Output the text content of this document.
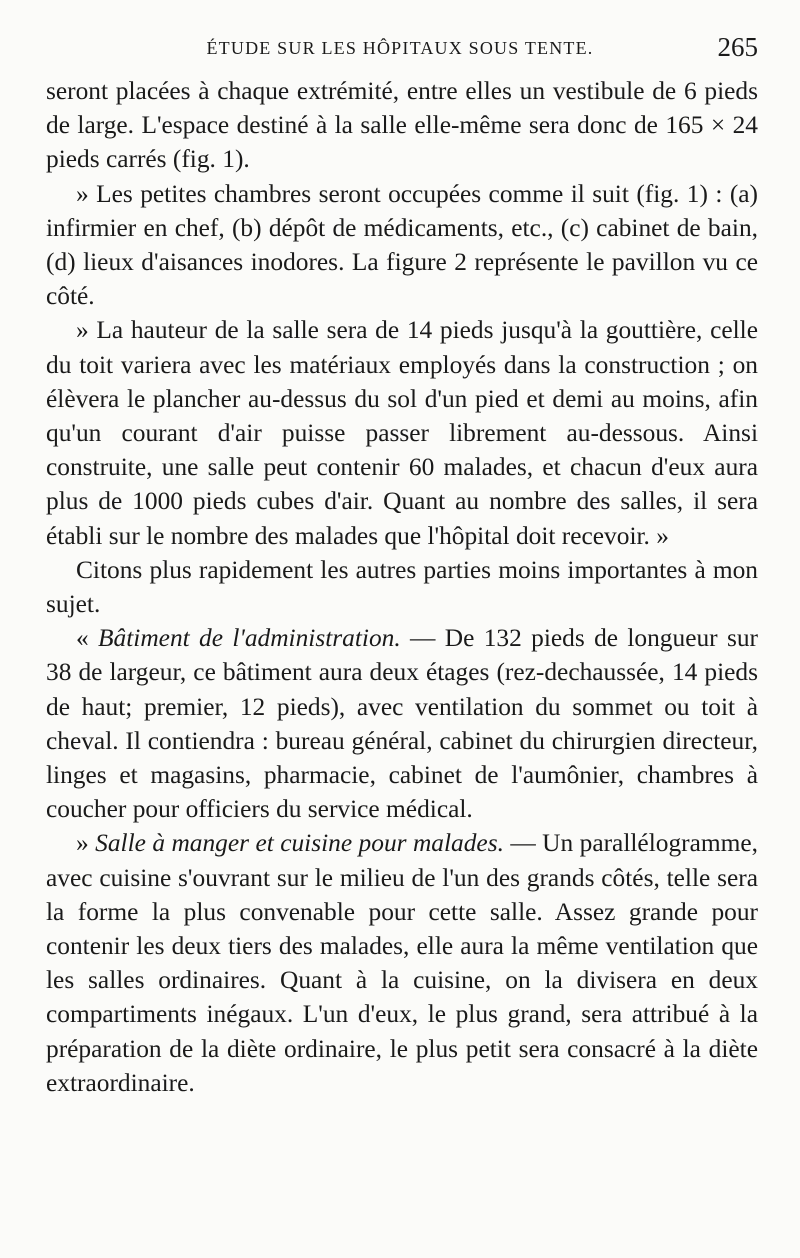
ÉTUDE SUR LES HÔPITAUX SOUS TENTE.	265

seront placées à chaque extrémité, entre elles un vestibule de 6 pieds de large. L'espace destiné à la salle elle-même sera donc de 165 × 24 pieds carrés (fig. 1).

» Les petites chambres seront occupées comme il suit (fig. 1) : (a) infirmier en chef, (b) dépôt de médicaments, etc., (c) cabinet de bain, (d) lieux d'aisances inodores. La figure 2 représente le pavillon vu ce côté.

» La hauteur de la salle sera de 14 pieds jusqu'à la gouttière, celle du toit variera avec les matériaux employés dans la construction ; on élèvera le plancher au-dessus du sol d'un pied et demi au moins, afin qu'un courant d'air puisse passer librement au-dessous. Ainsi construite, une salle peut contenir 60 malades, et chacun d'eux aura plus de 1000 pieds cubes d'air. Quant au nombre des salles, il sera établi sur le nombre des malades que l'hôpital doit recevoir. »

Citons plus rapidement les autres parties moins importantes à mon sujet.

« Bâtiment de l'administration. — De 132 pieds de longueur sur 38 de largeur, ce bâtiment aura deux étages (rez-dechaussée, 14 pieds de haut; premier, 12 pieds), avec ventilation du sommet ou toit à cheval. Il contiendra : bureau général, cabinet du chirurgien directeur, linges et magasins, pharmacie, cabinet de l'aumônier, chambres à coucher pour officiers du service médical.

» Salle à manger et cuisine pour malades. — Un parallélogramme, avec cuisine s'ouvrant sur le milieu de l'un des grands côtés, telle sera la forme la plus convenable pour cette salle. Assez grande pour contenir les deux tiers des malades, elle aura la même ventilation que les salles ordinaires. Quant à la cuisine, on la divisera en deux compartiments inégaux. L'un d'eux, le plus grand, sera attribué à la préparation de la diète ordinaire, le plus petit sera consacré à la diète extraordinaire.
